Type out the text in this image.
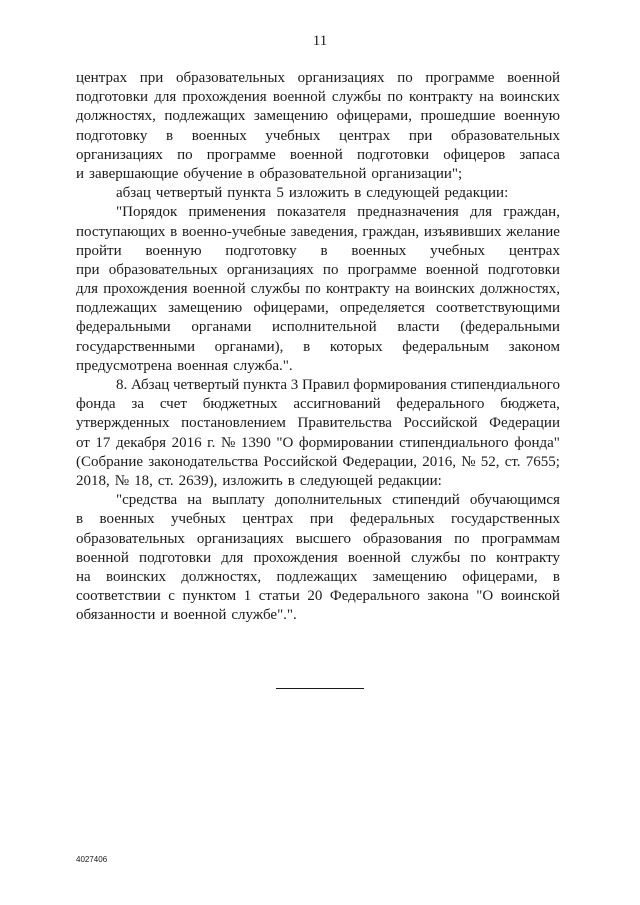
11
центрах при образовательных организациях по программе военной
подготовки для прохождения военной службы по контракту на воинских
должностях, подлежащих замещению офицерами, прошедшие военную
подготовку в военных учебных центрах при образовательных
организациях по программе военной подготовки офицеров запаса
и завершающие обучение в образовательной организации";
абзац четвертый пункта 5 изложить в следующей редакции:
"Порядок применения показателя предназначения для граждан,
поступающих в военно-учебные заведения, граждан, изъявивших желание
пройти военную подготовку в военных учебных центрах
при образовательных организациях по программе военной подготовки
для прохождения военной службы по контракту на воинских должностях,
подлежащих замещению офицерами, определяется соответствующими
федеральными органами исполнительной власти (федеральными
государственными органами), в которых федеральным законом
предусмотрена военная служба.".
8. Абзац четвертый пункта 3 Правил формирования стипендиального
фонда за счет бюджетных ассигнований федерального бюджета,
утвержденных постановлением Правительства Российской Федерации
от 17 декабря 2016 г. № 1390 "О формировании стипендиального фонда"
(Собрание законодательства Российской Федерации, 2016, № 52, ст. 7655;
2018, № 18, ст. 2639), изложить в следующей редакции:
"средства на выплату дополнительных стипендий обучающимся
в военных учебных центрах при федеральных государственных
образовательных организациях высшего образования по программам
военной подготовки для прохождения военной службы по контракту
на воинских должностях, подлежащих замещению офицерами, в
соответствии с пунктом 1 статьи 20 Федерального закона "О воинской
обязанности и военной службе".".
4027406
